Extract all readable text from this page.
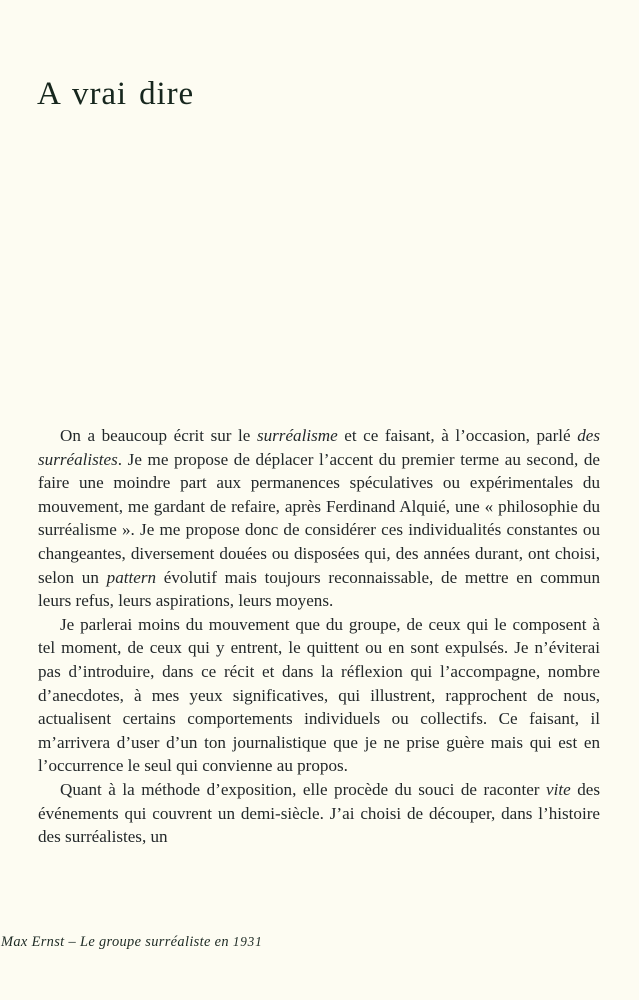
A vrai dire

On a beaucoup écrit sur le surréalisme et ce faisant, à l’occasion, parlé des surréalistes. Je me propose de déplacer l’accent du premier terme au second, de faire une moindre part aux permanences spéculatives ou expérimentales du mouvement, me gardant de refaire, après Ferdinand Alquié, une « philosophie du surréalisme ». Je me propose donc de considérer ces individualités constantes ou changeantes, diversement douées ou disposées qui, des années durant, ont choisi, selon un pattern évolutif mais toujours reconnaissable, de mettre en commun leurs refus, leurs aspirations, leurs moyens.

Je parlerai moins du mouvement que du groupe, de ceux qui le composent à tel moment, de ceux qui y entrent, le quittent ou en sont expulsés. Je n’éviterai pas d’introduire, dans ce récit et dans la réflexion qui l’accompagne, nombre d’anecdotes, à mes yeux significatives, qui illustrent, rapprochent de nous, actualisent certains comportements individuels ou collectifs. Ce faisant, il m’arrivera d’user d’un ton journalistique que je ne prise guère mais qui est en l’occurrence le seul qui convienne au propos.

Quant à la méthode d’exposition, elle procède du souci de raconter vite des événements qui couvrent un demi-siècle. J’ai choisi de découper, dans l’histoire des surréalistes, un

Max Ernst – Le groupe surréaliste en 1931
